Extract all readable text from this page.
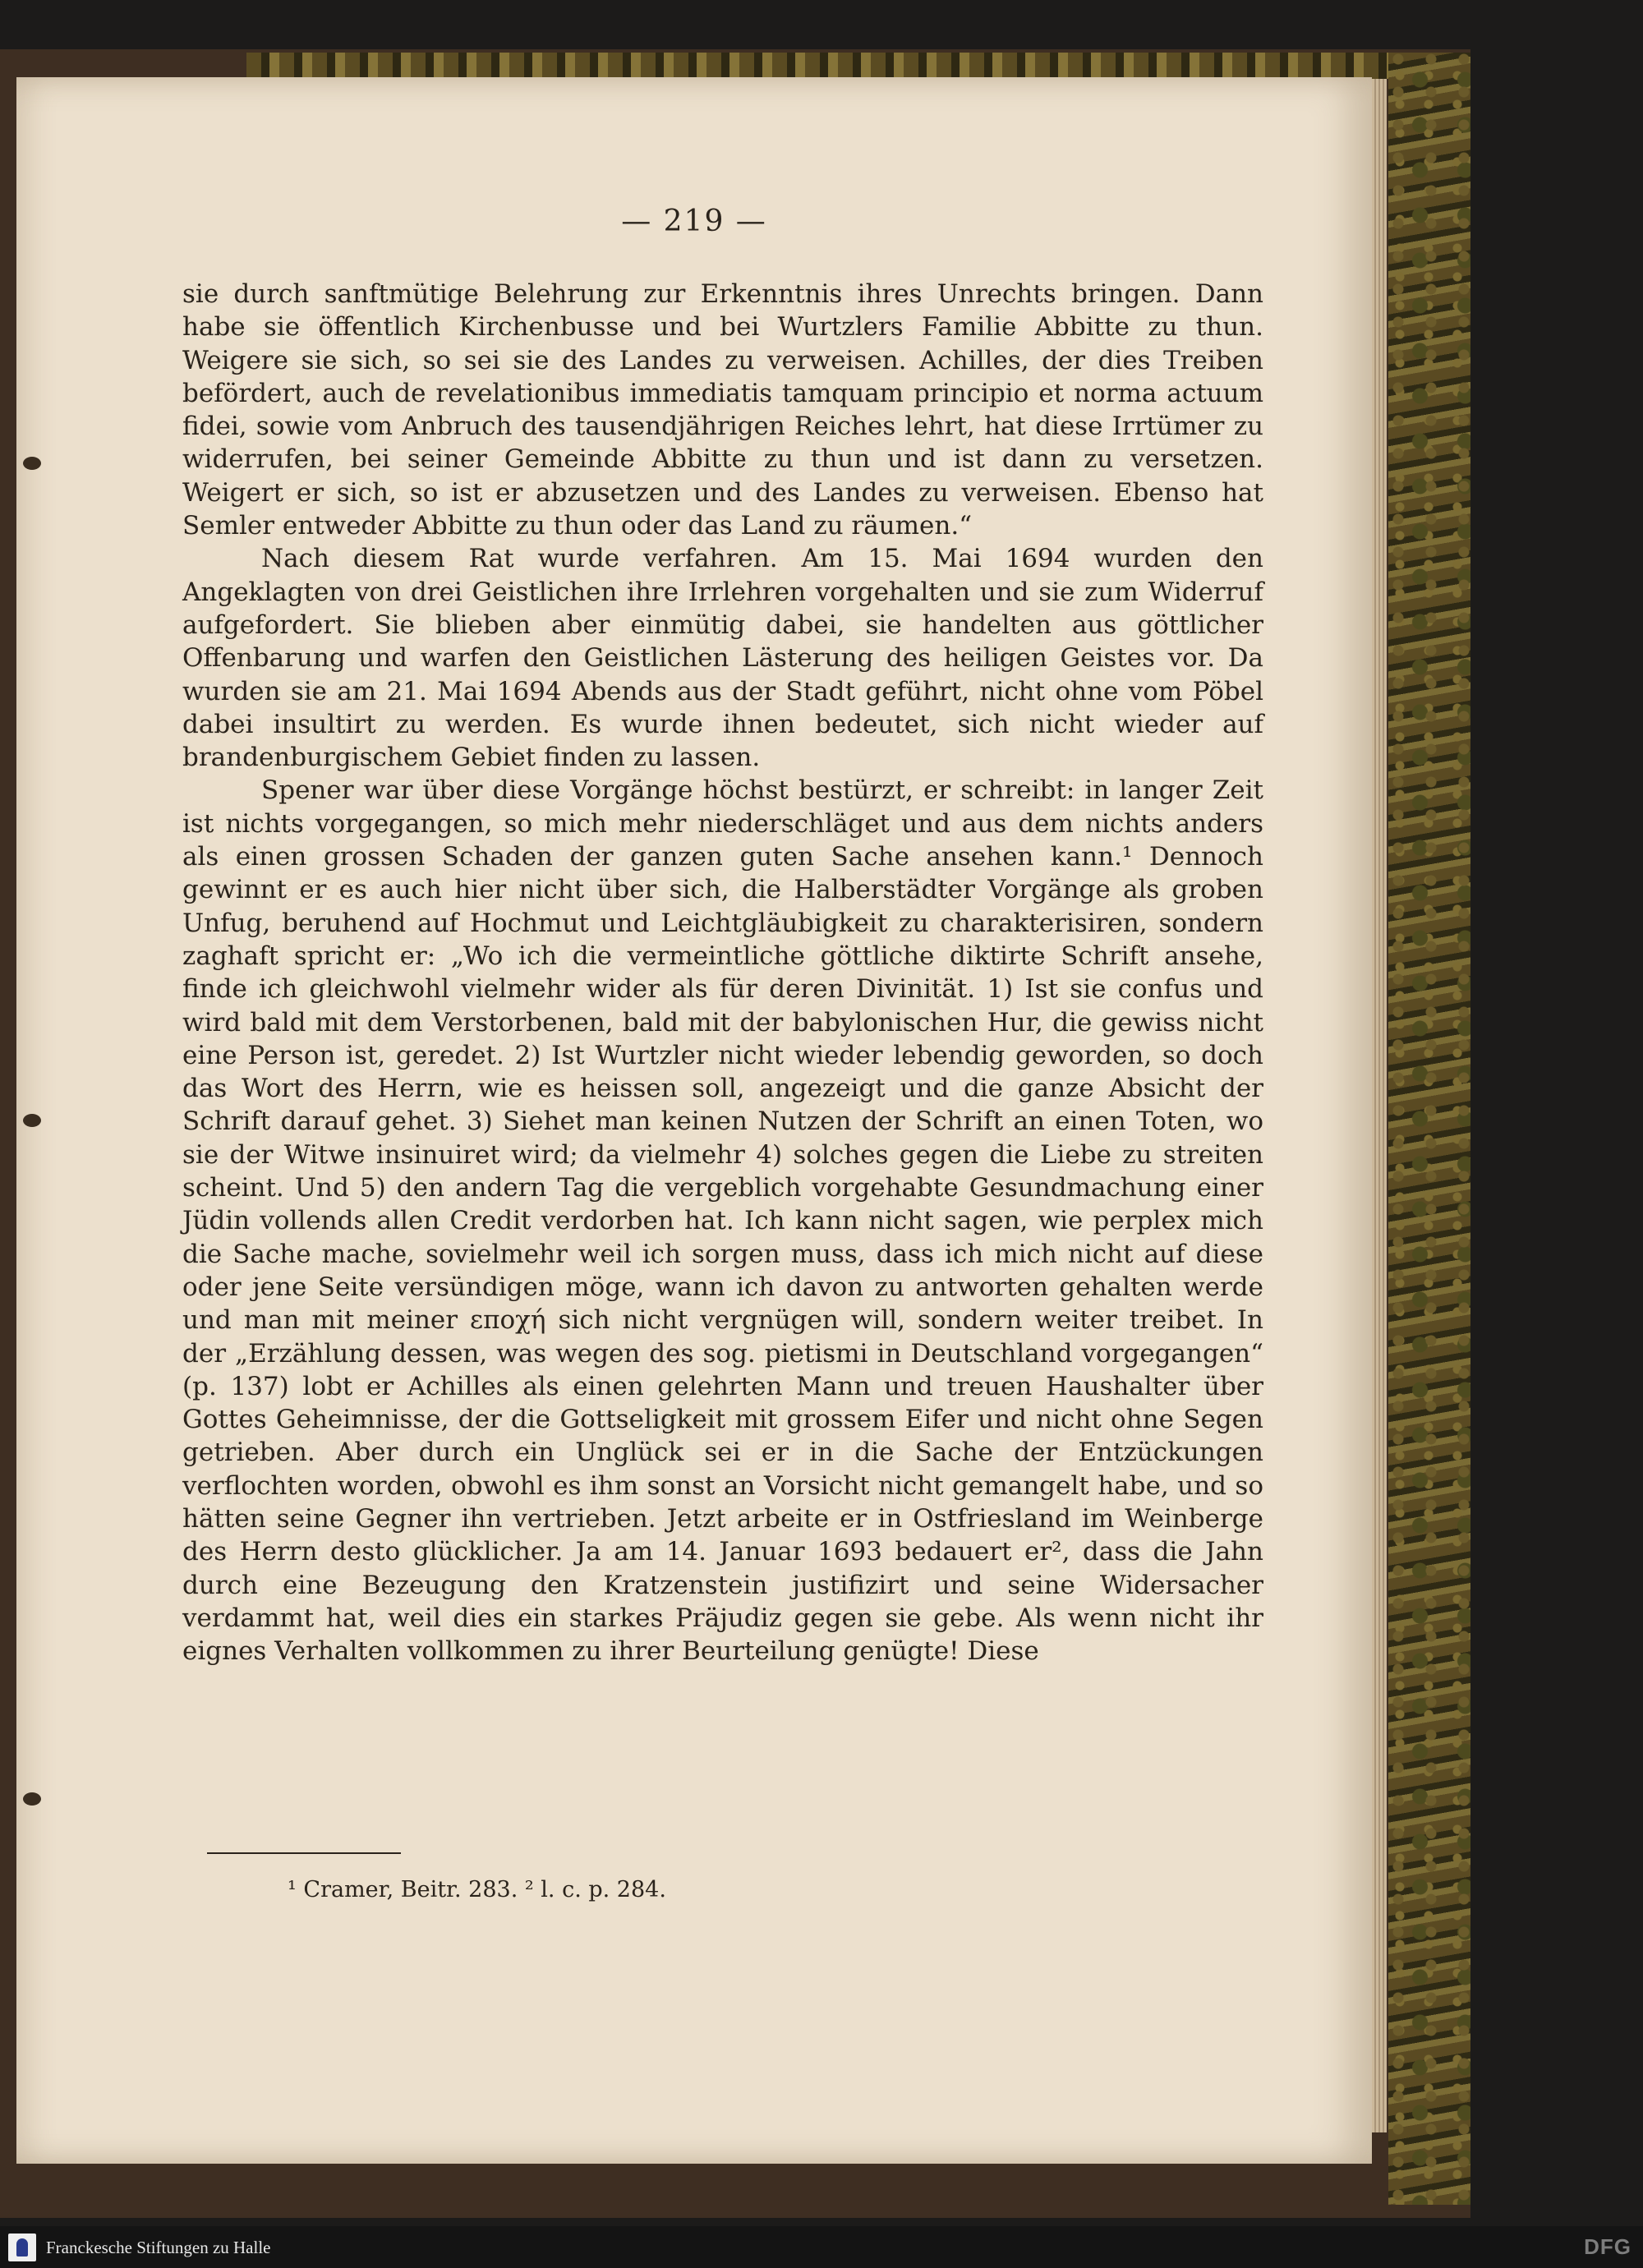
— 219 —

sie durch sanftmütige Belehrung zur Erkenntnis ihres Unrechts bringen. Dann habe sie öffentlich Kirchenbusse und bei Wurtzlers Familie Abbitte zu thun. Weigere sie sich, so sei sie des Landes zu verweisen. Achilles, der dies Treiben befördert, auch de revelationibus immediatis tamquam principio et norma actuum fidei, sowie vom Anbruch des tausendjährigen Reiches lehrt, hat diese Irrtümer zu widerrufen, bei seiner Gemeinde Abbitte zu thun und ist dann zu versetzen. Weigert er sich, so ist er abzusetzen und des Landes zu verweisen. Ebenso hat Semler entweder Abbitte zu thun oder das Land zu räumen.“

Nach diesem Rat wurde verfahren. Am 15. Mai 1694 wurden den Angeklagten von drei Geistlichen ihre Irrlehren vorgehalten und sie zum Widerruf aufgefordert. Sie blieben aber einmütig dabei, sie handelten aus göttlicher Offenbarung und warfen den Geistlichen Lästerung des heiligen Geistes vor. Da wurden sie am 21. Mai 1694 Abends aus der Stadt geführt, nicht ohne vom Pöbel dabei insultirt zu werden. Es wurde ihnen bedeutet, sich nicht wieder auf brandenburgischem Gebiet finden zu lassen.

Spener war über diese Vorgänge höchst bestürzt, er schreibt: in langer Zeit ist nichts vorgegangen, so mich mehr niederschläget und aus dem nichts anders als einen grossen Schaden der ganzen guten Sache ansehen kann.¹ Dennoch gewinnt er es auch hier nicht über sich, die Halberstädter Vorgänge als groben Unfug, beruhend auf Hochmut und Leichtgläubigkeit zu charakterisiren, sondern zaghaft spricht er: „Wo ich die vermeintliche göttliche diktirte Schrift ansehe, finde ich gleichwohl vielmehr wider als für deren Divinität. 1) Ist sie confus und wird bald mit dem Verstorbenen, bald mit der babylonischen Hur, die gewiss nicht eine Person ist, geredet. 2) Ist Wurtzler nicht wieder lebendig geworden, so doch das Wort des Herrn, wie es heissen soll, angezeigt und die ganze Absicht der Schrift darauf gehet. 3) Siehet man keinen Nutzen der Schrift an einen Toten, wo sie der Witwe insinuiret wird; da vielmehr 4) solches gegen die Liebe zu streiten scheint. Und 5) den andern Tag die vergeblich vorgehabte Gesundmachung einer Jüdin vollends allen Credit verdorben hat. Ich kann nicht sagen, wie perplex mich die Sache mache, sovielmehr weil ich sorgen muss, dass ich mich nicht auf diese oder jene Seite versündigen möge, wann ich davon zu antworten gehalten werde und man mit meiner εποχή sich nicht vergnügen will, sondern weiter treibet. In der „Erzählung dessen, was wegen des sog. pietismi in Deutschland vorgegangen“ (p. 137) lobt er Achilles als einen gelehrten Mann und treuen Haushalter über Gottes Geheimnisse, der die Gottseligkeit mit grossem Eifer und nicht ohne Segen getrieben. Aber durch ein Unglück sei er in die Sache der Entzückungen verflochten worden, obwohl es ihm sonst an Vorsicht nicht gemangelt habe, und so hätten seine Gegner ihn vertrieben. Jetzt arbeite er in Ostfriesland im Weinberge des Herrn desto glücklicher. Ja am 14. Januar 1693 bedauert er², dass die Jahn durch eine Bezeugung den Kratzenstein justifizirt und seine Widersacher verdammt hat, weil dies ein starkes Präjudiz gegen sie gebe. Als wenn nicht ihr eignes Verhalten vollkommen zu ihrer Beurteilung genügte! Diese

¹ Cramer, Beitr. 283. ² l. c. p. 284.
Franckesche Stiftungen zu Halle	DFG
